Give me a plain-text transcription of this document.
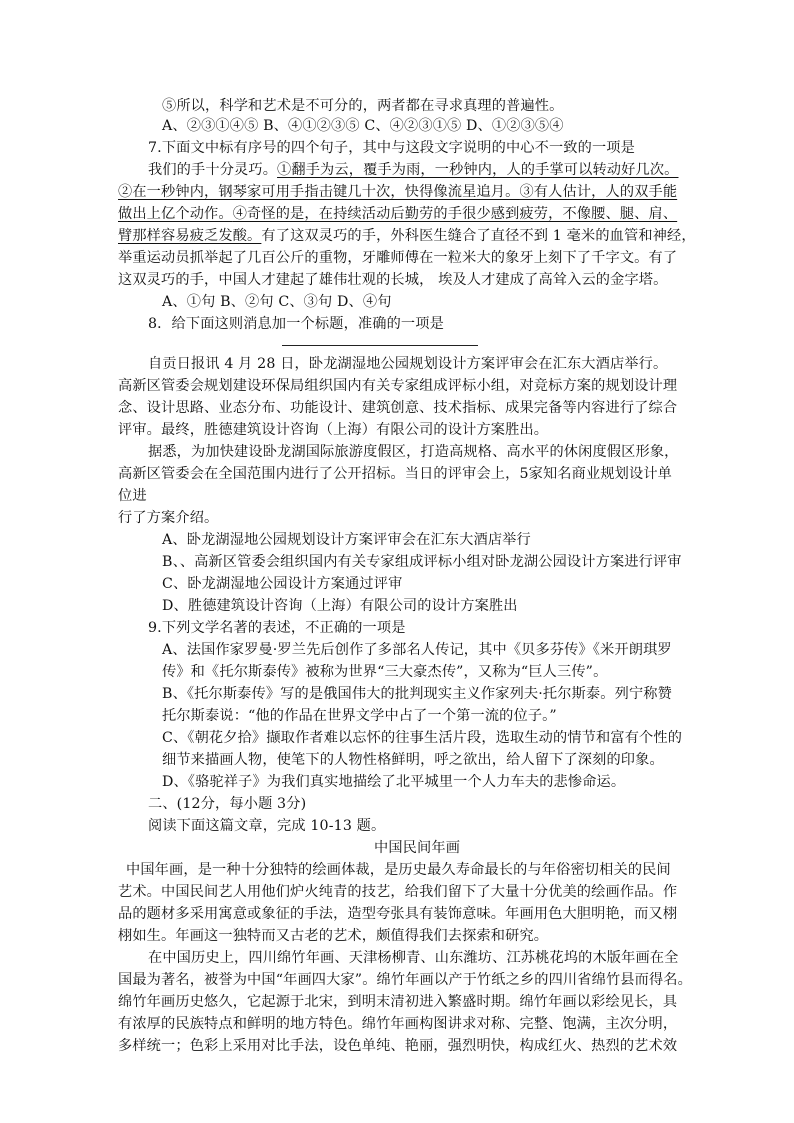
⑤所以，科学和艺术是不可分的，两者都在寻求真理的普遍性。
A、②③①④⑤ B、④①②③⑤ C、④②③①⑤ D、①②③⑤④
7.下面文中标有序号的四个句子，其中与这段文字说明的中心不一致的一项是
我们的手十分灵巧。①翻手为云，覆手为雨，一秒钟内，人的手掌可以转动好几次。
②在一秒钟内，钢琴家可用手指击键几十次，快得像流星追月。③有人估计，人的双手能
做出上亿个动作。④奇怪的是，在持续活动后勤劳的手很少感到疲劳，不像腰、腿、肩、
臂那样容易疲乏发酸。有了这双灵巧的手，外科医生缝合了直径不到 1 毫米的血管和神经，
举重运动员抓举起了几百公斤的重物，牙雕师傅在一粒米大的象牙上刻下了千字文。有了
这双灵巧的手，中国人才建起了雄伟壮观的长城， 埃及人才建成了高耸入云的金字塔。
A、①句 B、②句 C、③句 D、④句
8．给下面这则消息加一个标题，准确的一项是
自贡日报讯 4 月 28 日，卧龙湖湿地公园规划设计方案评审会在汇东大酒店举行。
高新区管委会规划建设环保局组织国内有关专家组成评标小组，对竞标方案的规划设计理
念、设计思路、业态分布、功能设计、建筑创意、技术指标、成果完备等内容进行了综合
评审。最终，胜德建筑设计咨询（上海）有限公司的设计方案胜出。
据悉，为加快建设卧龙湖国际旅游度假区，打造高规格、高水平的休闲度假区形象，
高新区管委会在全国范围内进行了公开招标。当日的评审会上，5家知名商业规划设计单
位进
行了方案介绍。
A、卧龙湖湿地公园规划设计方案评审会在汇东大酒店举行
B、、高新区管委会组织国内有关专家组成评标小组对卧龙湖公园设计方案进行评审
C、卧龙湖湿地公园设计方案通过评审
D、胜德建筑设计咨询（上海）有限公司的设计方案胜出
9.下列文学名著的表述，不正确的一项是
A、法国作家罗曼·罗兰先后创作了多部名人传记，其中《贝多芬传》《米开朗琪罗
传》和《托尔斯泰传》被称为世界“三大豪杰传”，又称为“巨人三传”。
B、《托尔斯泰传》写的是俄国伟大的批判现实主义作家列夫·托尔斯泰。列宁称赞
托尔斯泰说：“他的作品在世界文学中占了一个第一流的位子。”
C、《朝花夕拾》撷取作者难以忘怀的往事生活片段，选取生动的情节和富有个性的
细节来描画人物，使笔下的人物性格鲜明，呼之欲出，给人留下了深刻的印象。
D、《骆驼祥子》为我们真实地描绘了北平城里一个人力车夫的悲惨命运。
二、(12分，每小题 3分)
阅读下面这篇文章，完成 10-13 题。
中国民间年画
中国年画，是一种十分独特的绘画体裁，是历史最久寿命最长的与年俗密切相关的民间
艺术。中国民间艺人用他们炉火纯青的技艺，给我们留下了大量十分优美的绘画作品。作
品的题材多采用寓意或象征的手法，造型夸张具有装饰意味。年画用色大胆明艳，而又栩
栩如生。年画这一独特而又古老的艺术，颇值得我们去探索和研究。
在中国历史上，四川绵竹年画、天津杨柳青、山东潍坊、江苏桃花坞的木版年画在全
国最为著名，被誉为中国“年画四大家”。绵竹年画以产于竹纸之乡的四川省绵竹县而得名。
绵竹年画历史悠久，它起源于北宋，到明末清初进入繁盛时期。绵竹年画以彩绘见长，具
有浓厚的民族特点和鲜明的地方特色。绵竹年画构图讲求对称、完整、饱满，主次分明，
多样统一；色彩上采用对比手法，设色单纯、艳丽，强烈明快，构成红火、热烈的艺术效
